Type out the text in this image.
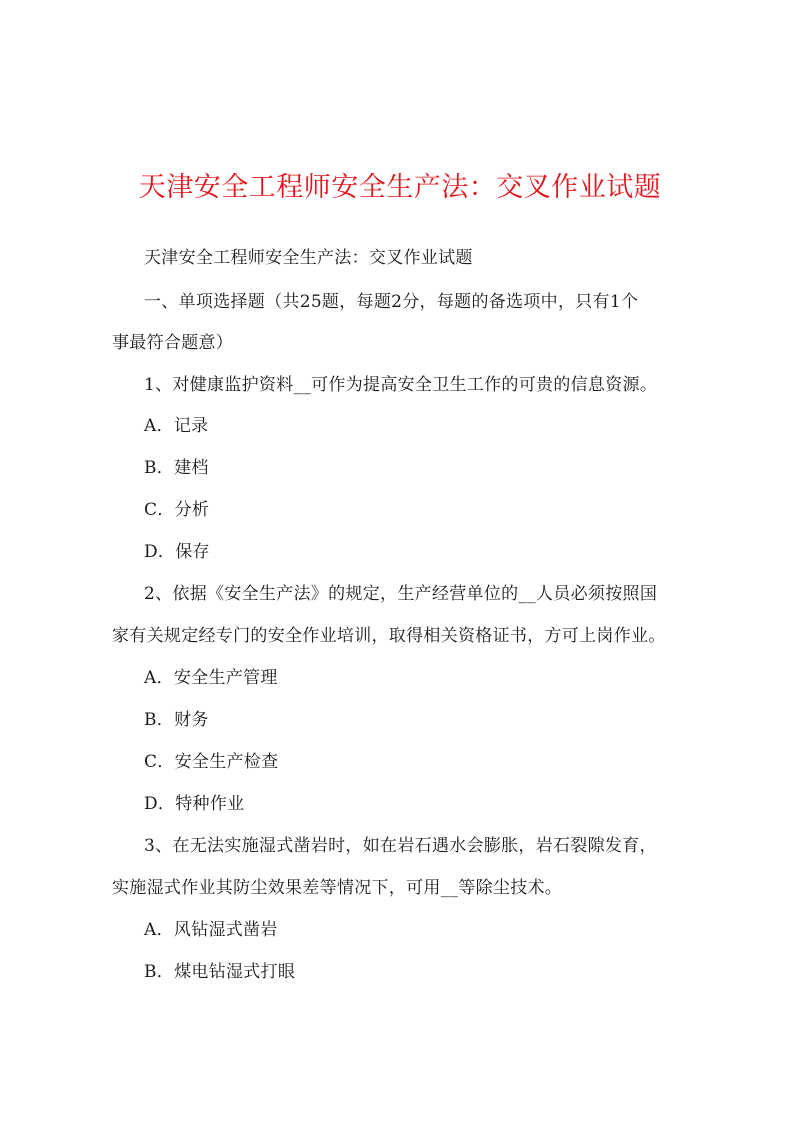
天津安全工程师安全生产法：交叉作业试题
天津安全工程师安全生产法：交叉作业试题
一、单项选择题（共25题，每题2分，每题的备选项中，只有1个
事最符合题意）
1、对健康监护资料__可作为提高安全卫生工作的可贵的信息资源。
A．记录
B．建档
C．分析
D．保存
2、依据《安全生产法》的规定，生产经营单位的__人员必须按照国
家有关规定经专门的安全作业培训，取得相关资格证书，方可上岗作业。
A．安全生产管理
B．财务
C．安全生产检查
D．特种作业
3、在无法实施湿式凿岩时，如在岩石遇水会膨胀，岩石裂隙发育，
实施湿式作业其防尘效果差等情况下，可用__等除尘技术。
A．风钻湿式凿岩
B．煤电钻湿式打眼
